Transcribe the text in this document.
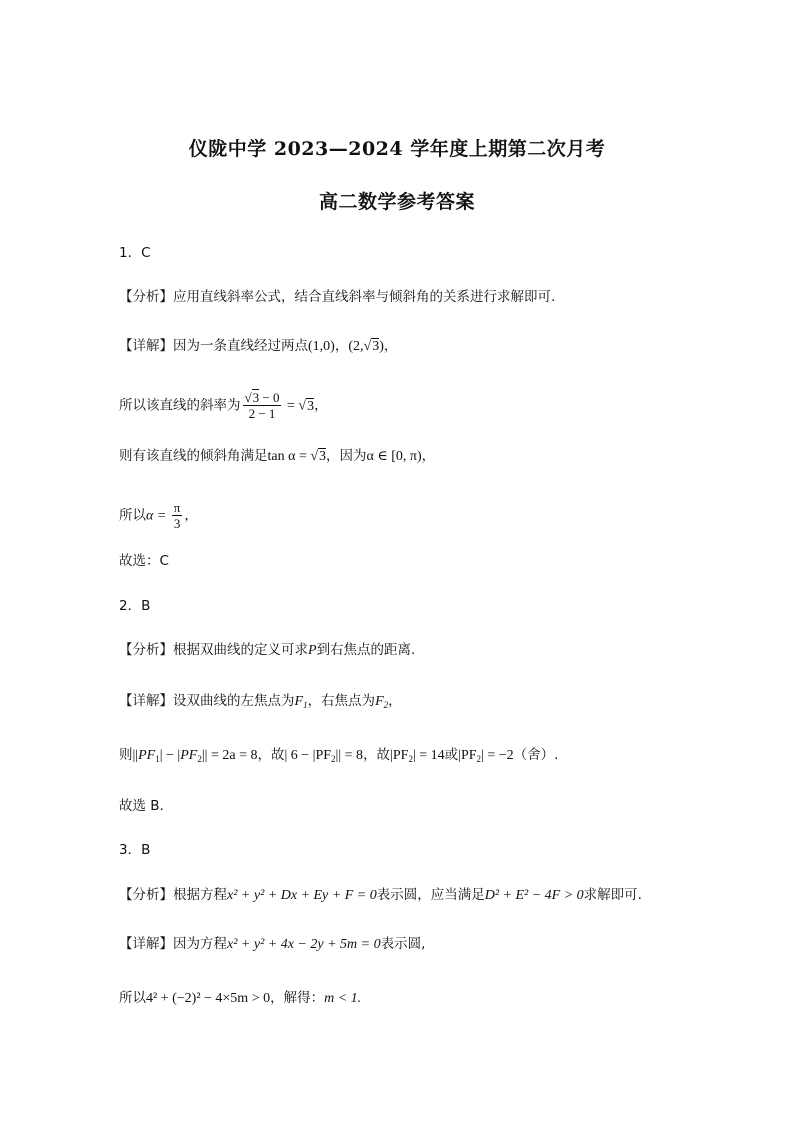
仪陇中学 2023—2024 学年度上期第二次月考
高二数学参考答案
1．C
【分析】应用直线斜率公式，结合直线斜率与倾斜角的关系进行求解即可.
【详解】因为一条直线经过两点(1,0)，(2,√3)，
所以该直线的斜率为 $\frac{√3 - 0}{2 - 1} = √3$，
则有该直线的倾斜角满足tan α = √3，因为α ∈ [0, π)，
所以$\alpha = \frac{\pi}{3}$ ，
故选：C
2．B
【分析】根据双曲线的定义可求P到右焦点的距离.
【详解】设双曲线的左焦点为$F_1$，右焦点为$F_2$，
则$||PF_1| - |PF_2|| = 2a = 8$，故| $6 - |PF_2|| = 8$，故$|PF_2| = 14$或$|PF_2| = -2$（舍）.
故选 B.
3．B
【分析】根据方程x² + y² + Dx + Ey + F = 0表示圆，应当满足D² + E² − 4F > 0求解即可.
【详解】因为方程x² + y² + 4x − 2y + 5m = 0表示圆,
所以4² + (−2)² − 4×5m > 0，解得：m < 1.
